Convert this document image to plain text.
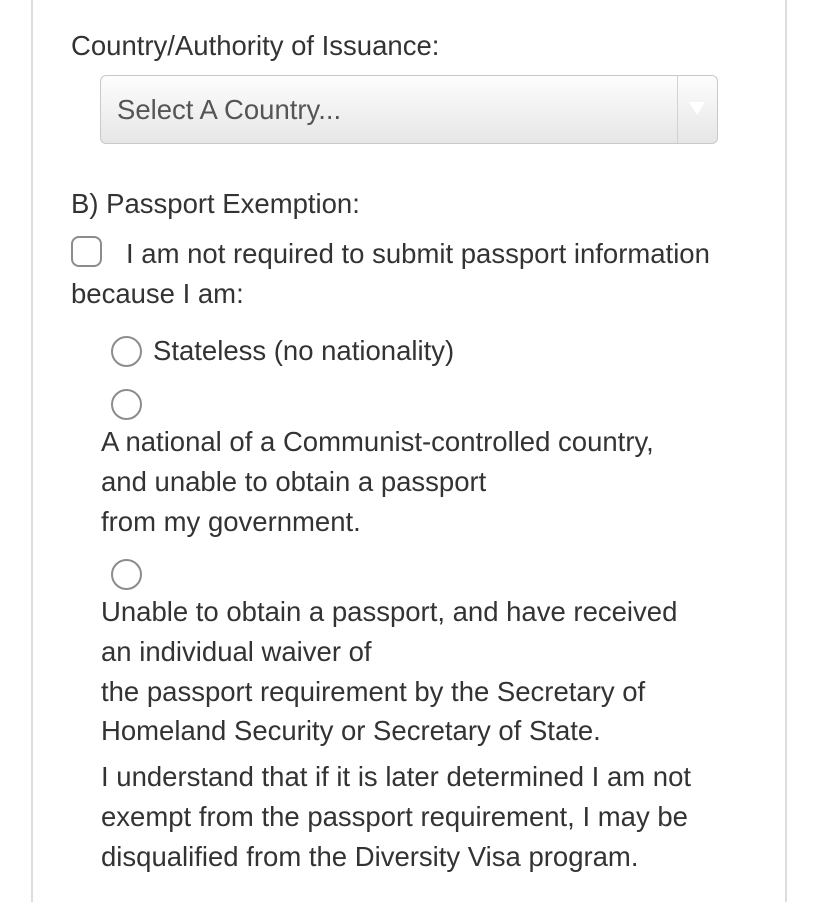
Country/Authority of Issuance:
Select A Country...
B) Passport Exemption:
I am not required to submit passport information
because I am:
Stateless (no nationality)
A national of a Communist-controlled country,
and unable to obtain a passport
from my government.
Unable to obtain a passport, and have received
an individual waiver of
the passport requirement by the Secretary of
Homeland Security or Secretary of State.
I understand that if it is later determined I am not
exempt from the passport requirement, I may be
disqualified from the Diversity Visa program.
